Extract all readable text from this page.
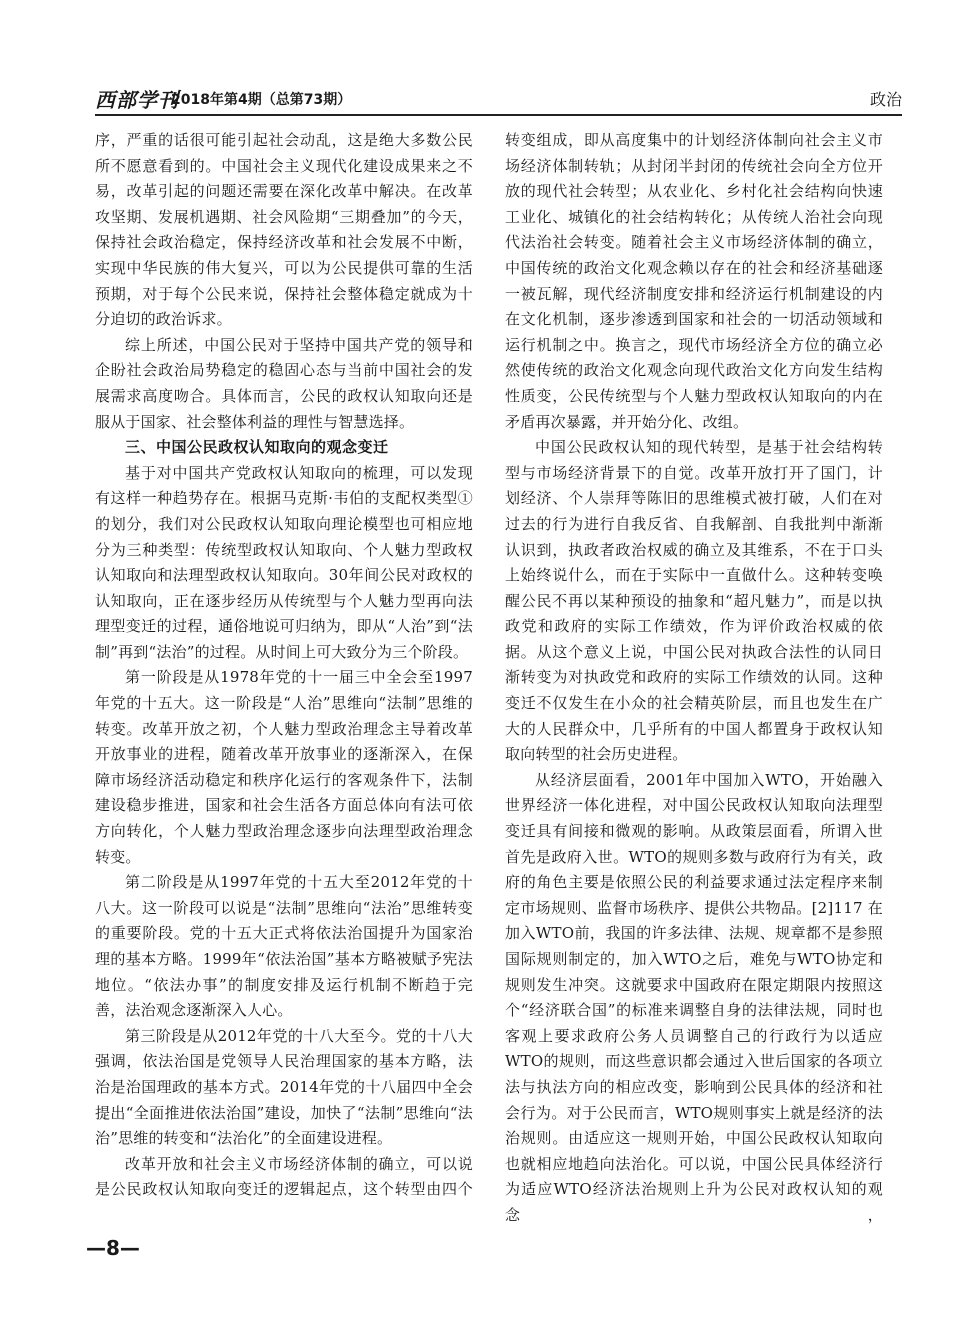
西部学刊
2018年第4期（总第73期）	政治

序，严重的话很可能引起社会动乱，这是绝大多数公民所不愿意看到的。中国社会主义现代化建设成果来之不易，改革引起的问题还需要在深化改革中解决。在改革攻坚期、发展机遇期、社会风险期“三期叠加”的今天，保持社会政治稳定，保持经济改革和社会发展不中断，实现中华民族的伟大复兴，可以为公民提供可靠的生活预期，对于每个公民来说，保持社会整体稳定就成为十分迫切的政治诉求。

综上所述，中国公民对于坚持中国共产党的领导和企盼社会政治局势稳定的稳固心态与当前中国社会的发展需求高度吻合。具体而言，公民的政权认知取向还是服从于国家、社会整体利益的理性与智慧选择。

三、中国公民政权认知取向的观念变迁

基于对中国共产党政权认知取向的梳理，可以发现有这样一种趋势存在。根据马克斯·韦伯的支配权类型①的划分，我们对公民政权认知取向理论模型也可相应地分为三种类型：传统型政权认知取向、个人魅力型政权认知取向和法理型政权认知取向。30年间公民对政权的认知取向，正在逐步经历从传统型与个人魅力型再向法理型变迁的过程，通俗地说可归纳为，即从“人治”到“法制”再到“法治”的过程。从时间上可大致分为三个阶段。

第一阶段是从1978年党的十一届三中全会至1997年党的十五大。这一阶段是“人治”思维向“法制”思维的转变。改革开放之初，个人魅力型政治理念主导着改革开放事业的进程，随着改革开放事业的逐渐深入，在保障市场经济活动稳定和秩序化运行的客观条件下，法制建设稳步推进，国家和社会生活各方面总体向有法可依方向转化，个人魅力型政治理念逐步向法理型政治理念转变。

第二阶段是从1997年党的十五大至2012年党的十八大。这一阶段可以说是“法制”思维向“法治”思维转变的重要阶段。党的十五大正式将依法治国提升为国家治理的基本方略。1999年“依法治国”基本方略被赋予宪法地位。“依法办事”的制度安排及运行机制不断趋于完善，法治观念逐渐深入人心。

第三阶段是从2012年党的十八大至今。党的十八大强调，依法治国是党领导人民治理国家的基本方略，法治是治国理政的基本方式。2014年党的十八届四中全会提出“全面推进依法治国”建设，加快了“法制”思维向“法治”思维的转变和“法治化”的全面建设进程。

改革开放和社会主义市场经济体制的确立，可以说是公民政权认知取向变迁的逻辑起点，这个转型由四个

转变组成，即从高度集中的计划经济体制向社会主义市场经济体制转轨；从封闭半封闭的传统社会向全方位开放的现代社会转型；从农业化、乡村化社会结构向快速工业化、城镇化的社会结构转化；从传统人治社会向现代法治社会转变。随着社会主义市场经济体制的确立，中国传统的政治文化观念赖以存在的社会和经济基础逐一被瓦解，现代经济制度安排和经济运行机制建设的内在文化机制，逐步渗透到国家和社会的一切活动领域和运行机制之中。换言之，现代市场经济全方位的确立必然使传统的政治文化观念向现代政治文化方向发生结构性质变，公民传统型与个人魅力型政权认知取向的内在矛盾再次暴露，并开始分化、改组。

中国公民政权认知的现代转型，是基于社会结构转型与市场经济背景下的自觉。改革开放打开了国门，计划经济、个人崇拜等陈旧的思维模式被打破，人们在对过去的行为进行自我反省、自我解剖、自我批判中渐渐认识到，执政者政治权威的确立及其维系，不在于口头上始终说什么，而在于实际中一直做什么。这种转变唤醒公民不再以某种预设的抽象和“超凡魅力”，而是以执政党和政府的实际工作绩效，作为评价政治权威的依据。从这个意义上说，中国公民对执政合法性的认同日渐转变为对执政党和政府的实际工作绩效的认同。这种变迁不仅发生在小众的社会精英阶层，而且也发生在广大的人民群众中，几乎所有的中国人都置身于政权认知取向转型的社会历史进程。

从经济层面看，2001年中国加入WTO，开始融入世界经济一体化进程，对中国公民政权认知取向法理型变迁具有间接和微观的影响。从政策层面看，所谓入世首先是政府入世。WTO的规则多数与政府行为有关，政府的角色主要是依照公民的利益要求通过法定程序来制定市场规则、监督市场秩序、提供公共物品。[2]117 在加入WTO前，我国的许多法律、法规、规章都不是参照国际规则制定的，加入WTO之后，难免与WTO协定和规则发生冲突。这就要求中国政府在限定期限内按照这个“经济联合国”的标准来调整自身的法律法规，同时也客观上要求政府公务人员调整自己的行政行为以适应WTO的规则，而这些意识都会通过入世后国家的各项立法与执法方向的相应改变，影响到公民具体的经济和社会行为。对于公民而言，WTO规则事实上就是经济的法治规则。由适应这一规则开始，中国公民政权认知取向也就相应地趋向法治化。可以说，中国公民具体经济行为适应WTO经济法治规则上升为公民对政权认知的观念，

—8—
